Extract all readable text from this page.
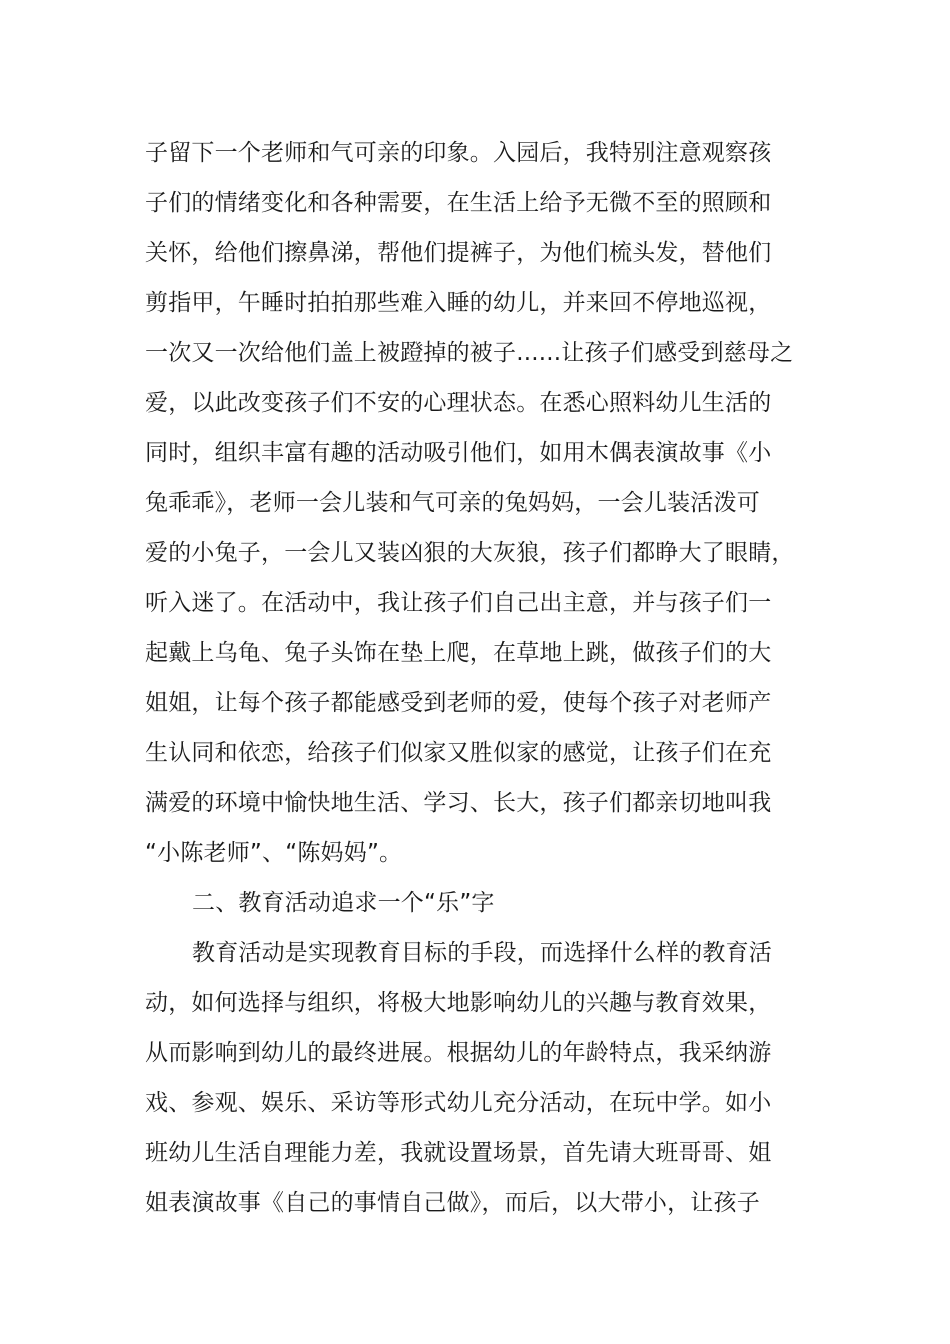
子留下一个老师和气可亲的印象。入园后，我特别注意观察孩
子们的情绪变化和各种需要，在生活上给予无微不至的照顾和
关怀，给他们擦鼻涕，帮他们提裤子，为他们梳头发，替他们
剪指甲，午睡时拍拍那些难入睡的幼儿，并来回不停地巡视，
一次又一次给他们盖上被蹬掉的被子......让孩子们感受到慈母之
爱，以此改变孩子们不安的心理状态。在悉心照料幼儿生活的
同时，组织丰富有趣的活动吸引他们，如用木偶表演故事《小
兔乖乖》，老师一会儿装和气可亲的兔妈妈，一会儿装活泼可
爱的小兔子，一会儿又装凶狠的大灰狼，孩子们都睁大了眼睛，
听入迷了。在活动中，我让孩子们自己出主意，并与孩子们一
起戴上乌龟、兔子头饰在垫上爬，在草地上跳，做孩子们的大
姐姐，让每个孩子都能感受到老师的爱，使每个孩子对老师产
生认同和依恋，给孩子们似家又胜似家的感觉，让孩子们在充
满爱的环境中愉快地生活、学习、长大，孩子们都亲切地叫我
“小陈老师”、“陈妈妈”。
二、教育活动追求一个“乐”字
教育活动是实现教育目标的手段，而选择什么样的教育活
动，如何选择与组织，将极大地影响幼儿的兴趣与教育效果，
从而影响到幼儿的最终进展。根据幼儿的年龄特点，我采纳游
戏、参观、娱乐、采访等形式幼儿充分活动，在玩中学。如小
班幼儿生活自理能力差，我就设置场景，首先请大班哥哥、姐
姐表演故事《自己的事情自己做》，而后，以大带小，让孩子
